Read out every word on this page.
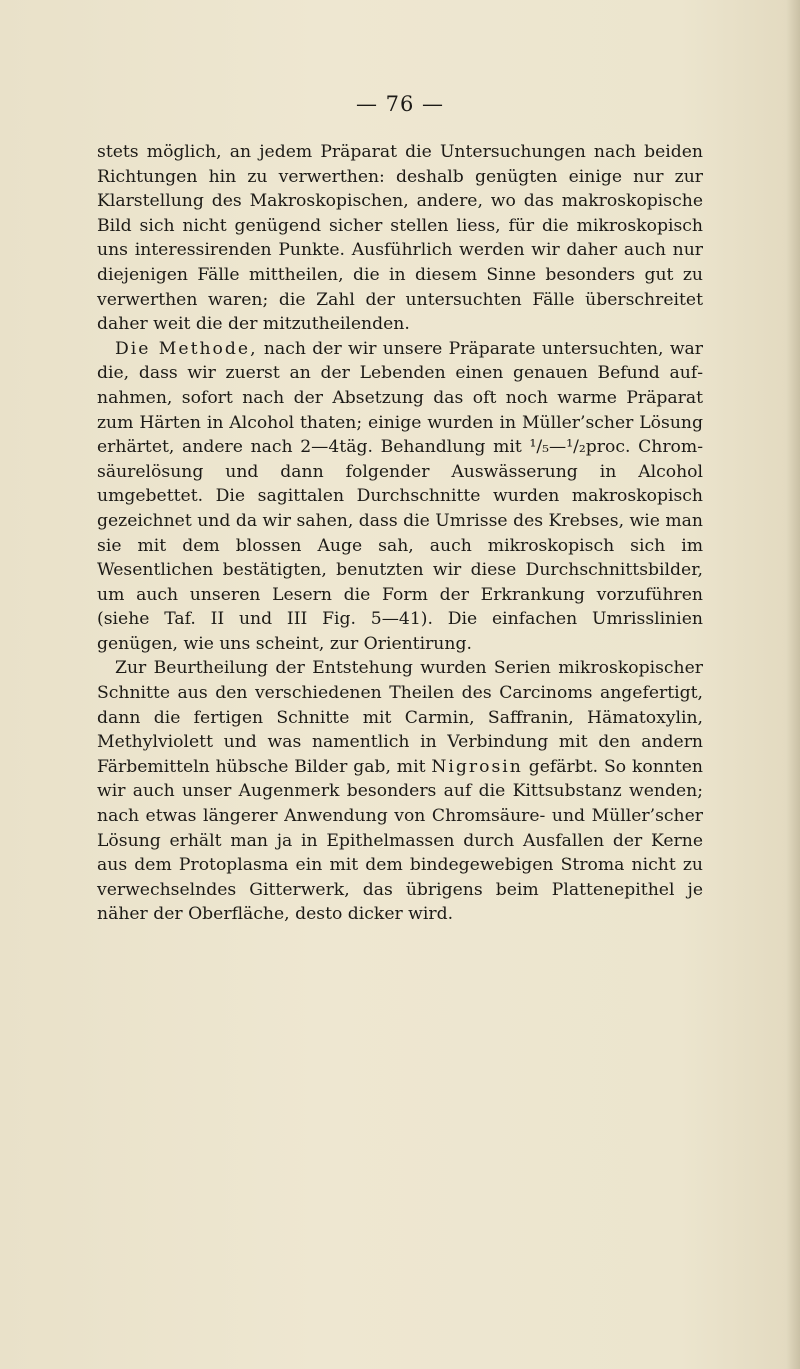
— 76 —

stets möglich, an jedem Präparat die Untersuchungen nach beiden Richtungen hin zu verwerthen: deshalb genügten einige nur zur Klarstellung des Makroskopischen, andere, wo das makroskopische Bild sich nicht genügend sicher stellen liess, für die mikroskopisch uns interessirenden Punkte. Ausführlich werden wir daher auch nur diejenigen Fälle mittheilen, die in diesem Sinne besonders gut zu verwerthen waren; die Zahl der untersuchten Fälle überschreitet daher weit die der mitzutheilenden.

Die Methode, nach der wir unsere Präparate untersuchten, war die, dass wir zuerst an der Lebenden einen genauen Befund aufnahmen, sofort nach der Absetzung das oft noch warme Präparat zum Härten in Alcohol thaten; einige wurden in Müller’scher Lösung erhärtet, andere nach 2—4täg. Behandlung mit ¹/₅—¹/₂proc. Chromsäurelösung und dann folgender Auswässerung in Alcohol umgebettet. Die sagittalen Durchschnitte wurden makroskopisch gezeichnet und da wir sahen, dass die Umrisse des Krebses, wie man sie mit dem blossen Auge sah, auch mikroskopisch sich im Wesentlichen bestätigten, benutzten wir diese Durchschnittsbilder, um auch unseren Lesern die Form der Erkrankung vorzuführen (siehe Taf. II und III Fig. 5—41). Die einfachen Umrisslinien genügen, wie uns scheint, zur Orientirung.

Zur Beurtheilung der Entstehung wurden Serien mikroskopischer Schnitte aus den verschiedenen Theilen des Carcinoms angefertigt, dann die fertigen Schnitte mit Carmin, Saffranin, Hämatoxylin, Methylviolett und was namentlich in Verbindung mit den andern Färbemitteln hübsche Bilder gab, mit Nigrosin gefärbt. So konnten wir auch unser Augenmerk besonders auf die Kittsubstanz wenden; nach etwas längerer Anwendung von Chromsäure- und Müller’scher Lösung erhält man ja in Epithelmassen durch Ausfallen der Kerne aus dem Protoplasma ein mit dem bindegewebigen Stroma nicht zu verwechselndes Gitterwerk, das übrigens beim Plattenepithel je näher der Oberfläche, desto dicker wird.
